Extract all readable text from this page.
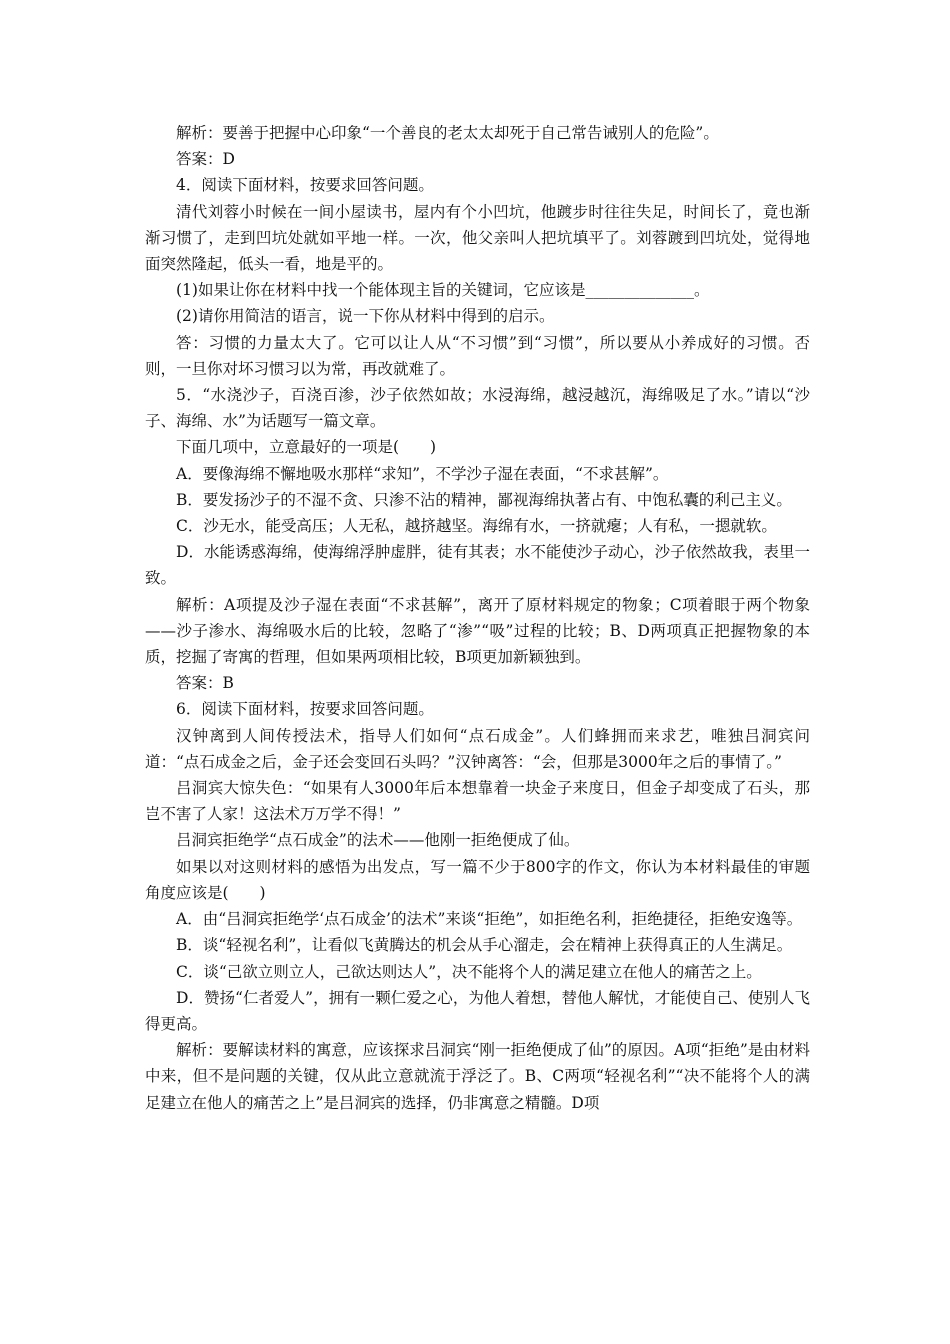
解析：要善于把握中心印象“一个善良的老太太却死于自己常告诫别人的危险”。

答案：D

4．阅读下面材料，按要求回答问题。

清代刘蓉小时候在一间小屋读书，屋内有个小凹坑，他踱步时往往失足，时间长了，竟也渐渐习惯了，走到凹坑处就如平地一样。一次，他父亲叫人把坑填平了。刘蓉踱到凹坑处，觉得地面突然隆起，低头一看，地是平的。

(1)如果让你在材料中找一个能体现主旨的关键词，它应该是______________。

(2)请你用简洁的语言，说一下你从材料中得到的启示。

答：习惯的力量太大了。它可以让人从“不习惯”到“习惯”，所以要从小养成好的习惯。否则，一旦你对坏习惯习以为常，再改就难了。

5．“水浇沙子，百浇百渗，沙子依然如故；水浸海绵，越浸越沉，海绵吸足了水。”请以“沙子、海绵、水”为话题写一篇文章。

下面几项中，立意最好的一项是(　　)

A．要像海绵不懈地吸水那样“求知”，不学沙子湿在表面，“不求甚解”。

B．要发扬沙子的不湿不贪、只渗不沾的精神，鄙视海绵执著占有、中饱私囊的利己主义。

C．沙无水，能受高压；人无私，越挤越坚。海绵有水，一挤就瘪；人有私，一摁就软。

D．水能诱惑海绵，使海绵浮肿虚胖，徒有其表；水不能使沙子动心，沙子依然故我，表里一致。

解析：A项提及沙子湿在表面“不求甚解”，离开了原材料规定的物象；C项着眼于两个物象——沙子渗水、海绵吸水后的比较，忽略了“渗”“吸”过程的比较；B、D两项真正把握物象的本质，挖掘了寄寓的哲理，但如果两项相比较，B项更加新颖独到。

答案：B

6．阅读下面材料，按要求回答问题。

汉钟离到人间传授法术，指导人们如何“点石成金”。人们蜂拥而来求艺，唯独吕洞宾问道：“点石成金之后，金子还会变回石头吗？”汉钟离答：“会，但那是3000年之后的事情了。”

吕洞宾大惊失色：“如果有人3000年后本想靠着一块金子来度日，但金子却变成了石头，那岂不害了人家！这法术万万学不得！”

吕洞宾拒绝学“点石成金”的法术——他刚一拒绝便成了仙。

如果以对这则材料的感悟为出发点，写一篇不少于800字的作文，你认为本材料最佳的审题角度应该是(　　)

A．由“吕洞宾拒绝学‘点石成金’的法术”来谈“拒绝”，如拒绝名利，拒绝捷径，拒绝安逸等。

B．谈“轻视名利”，让看似飞黄腾达的机会从手心溜走，会在精神上获得真正的人生满足。

C．谈“己欲立则立人，己欲达则达人”，决不能将个人的满足建立在他人的痛苦之上。

D．赞扬“仁者爱人”，拥有一颗仁爱之心，为他人着想，替他人解忧，才能使自己、使别人飞得更高。

解析：要解读材料的寓意，应该探求吕洞宾“刚一拒绝便成了仙”的原因。A项“拒绝”是由材料中来，但不是问题的关键，仅从此立意就流于浮泛了。B、C两项“轻视名利”“决不能将个人的满足建立在他人的痛苦之上”是吕洞宾的选择，仍非寓意之精髓。D项
